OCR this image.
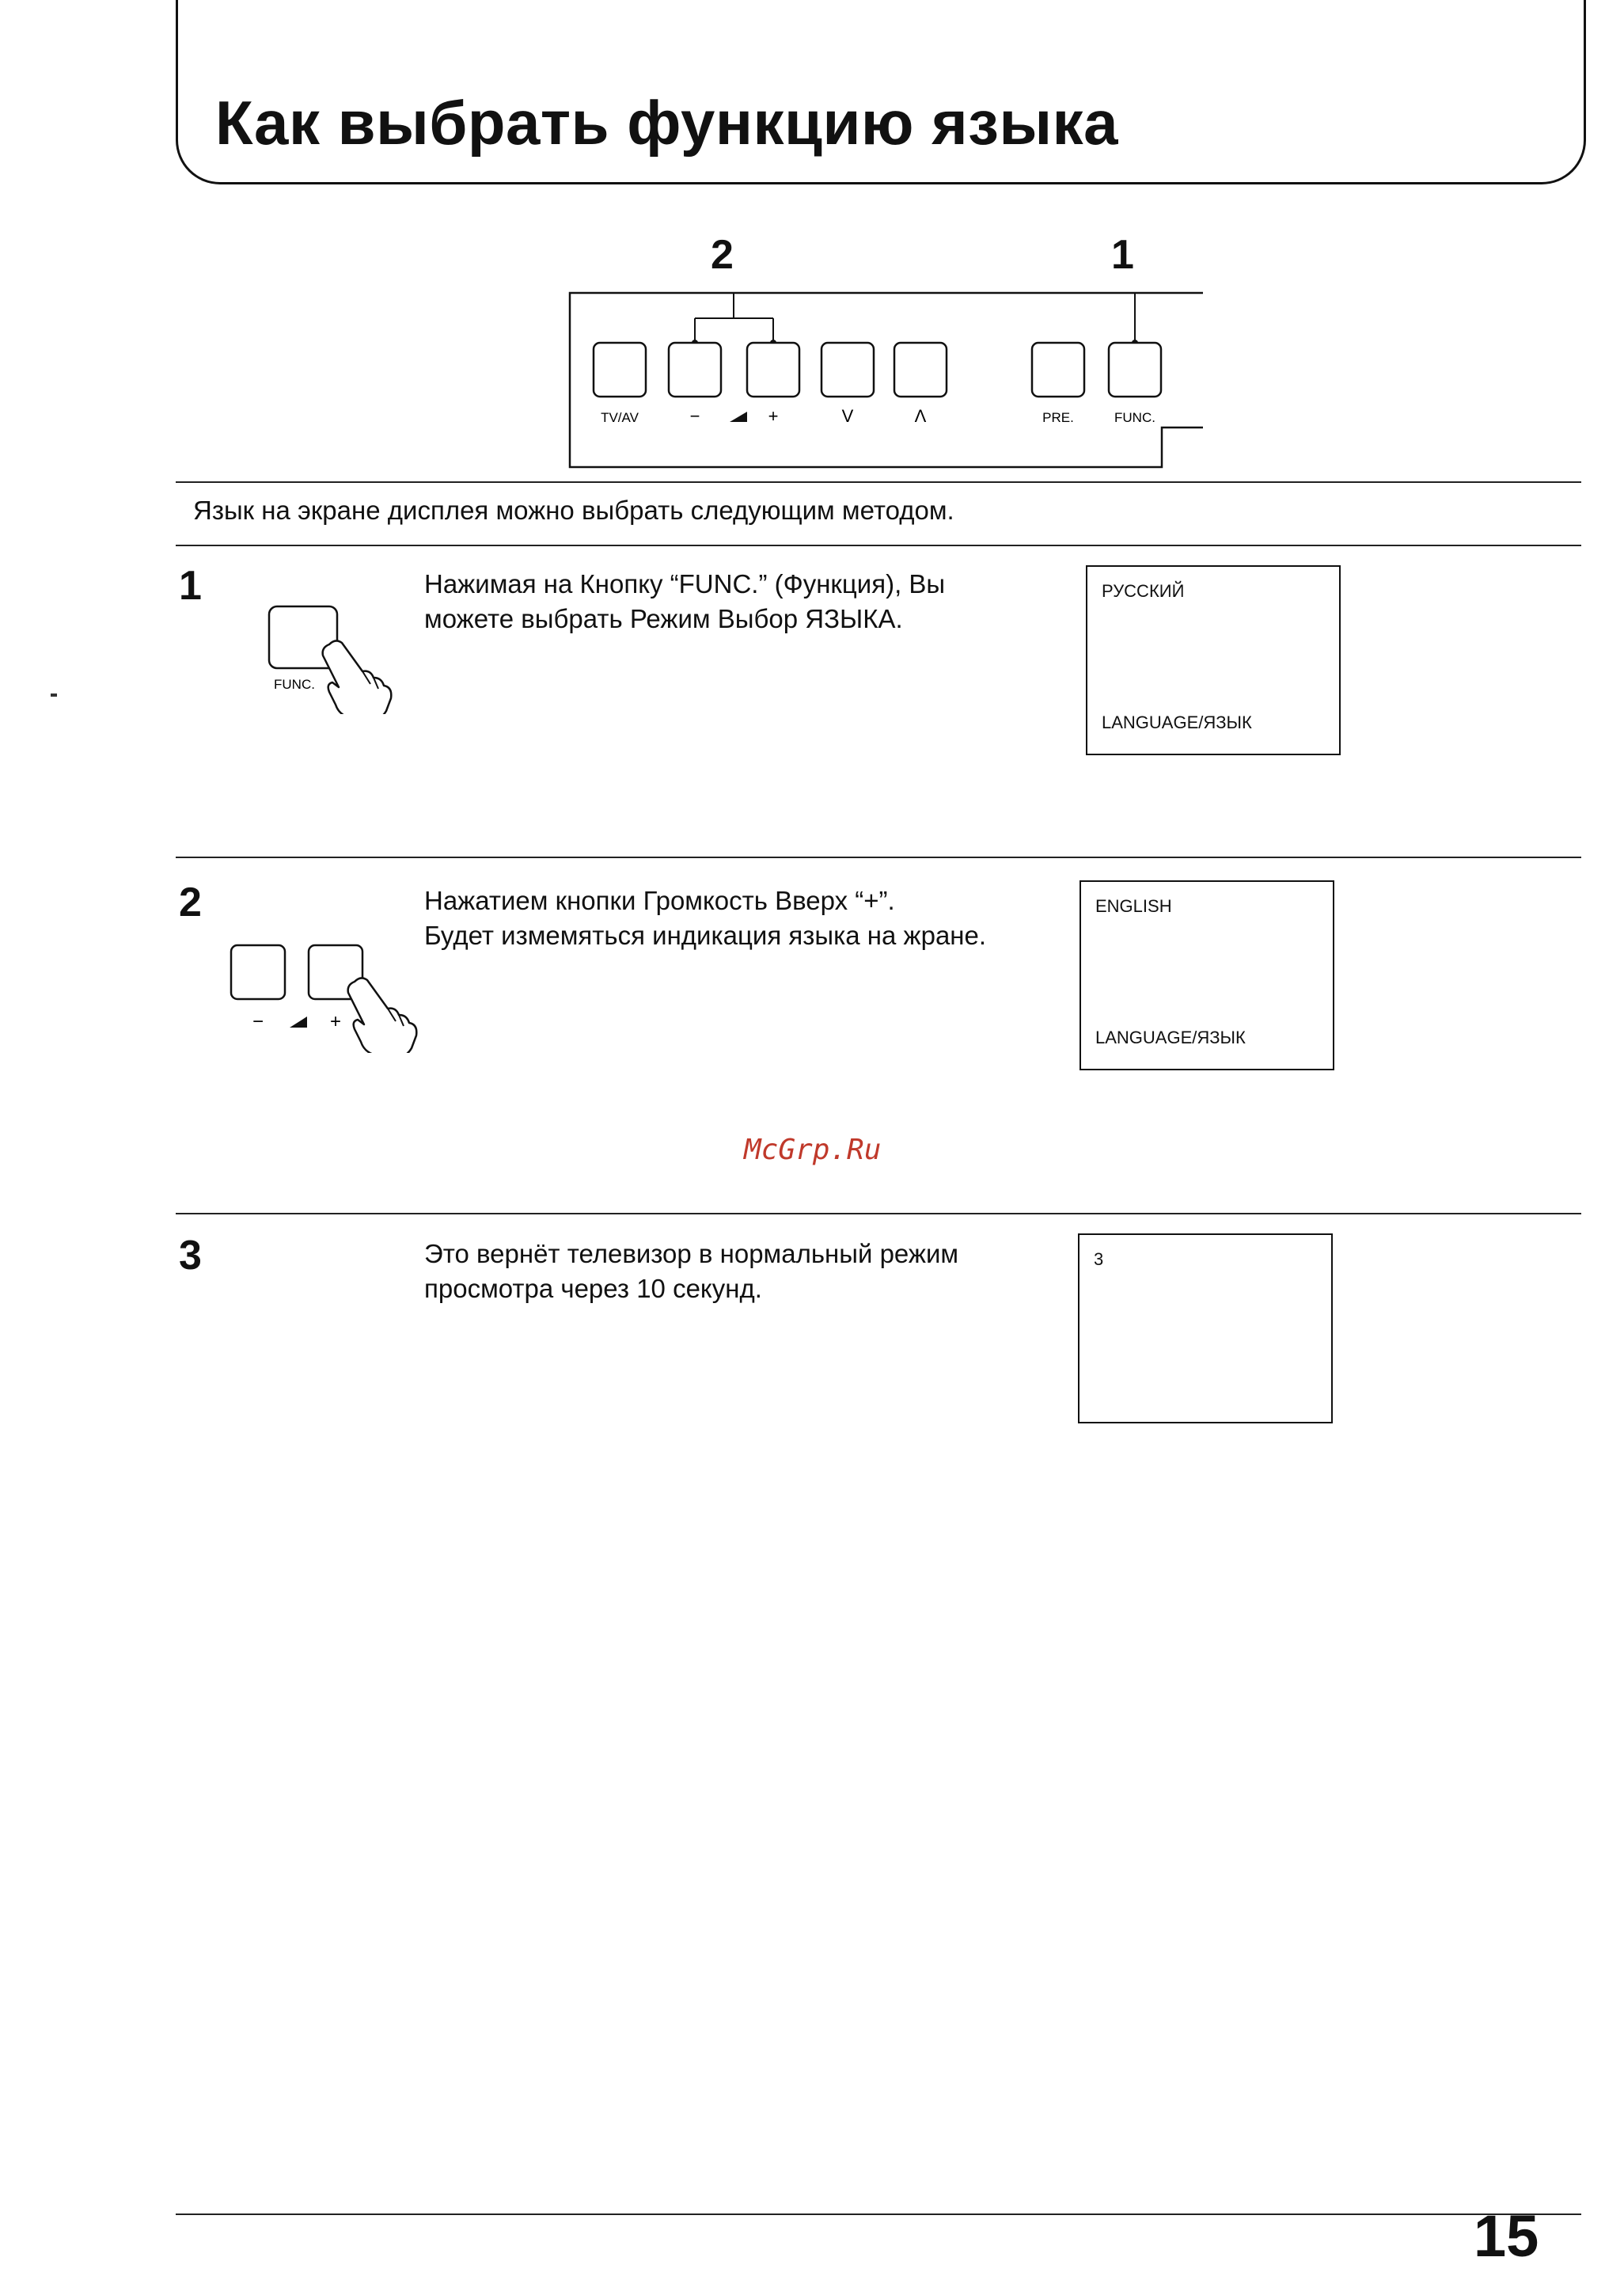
Как выбрать функцию языка
2	1
TV/AV	−	+	V	Λ	PRE.	FUNC.
Язык на экране дисплея можно выбрать следующим методом.
1
FUNC.
Нажимая на Кнопку “FUNC.” (Функция), Вы
можете выбрать Режим Выбор ЯЗЫКА.
РУССКИЙ
LANGUAGE/ЯЗЫК
2
−	+
Нажатием кнопки Громкость Вверх “+”.
Будет измемяться индикация языка на жране.
ENGLISH
LANGUAGE/ЯЗЫК
McGrp.Ru
3	Это вернёт телевизор в нормальный режим
просмотра через 10 секунд.
3
15
